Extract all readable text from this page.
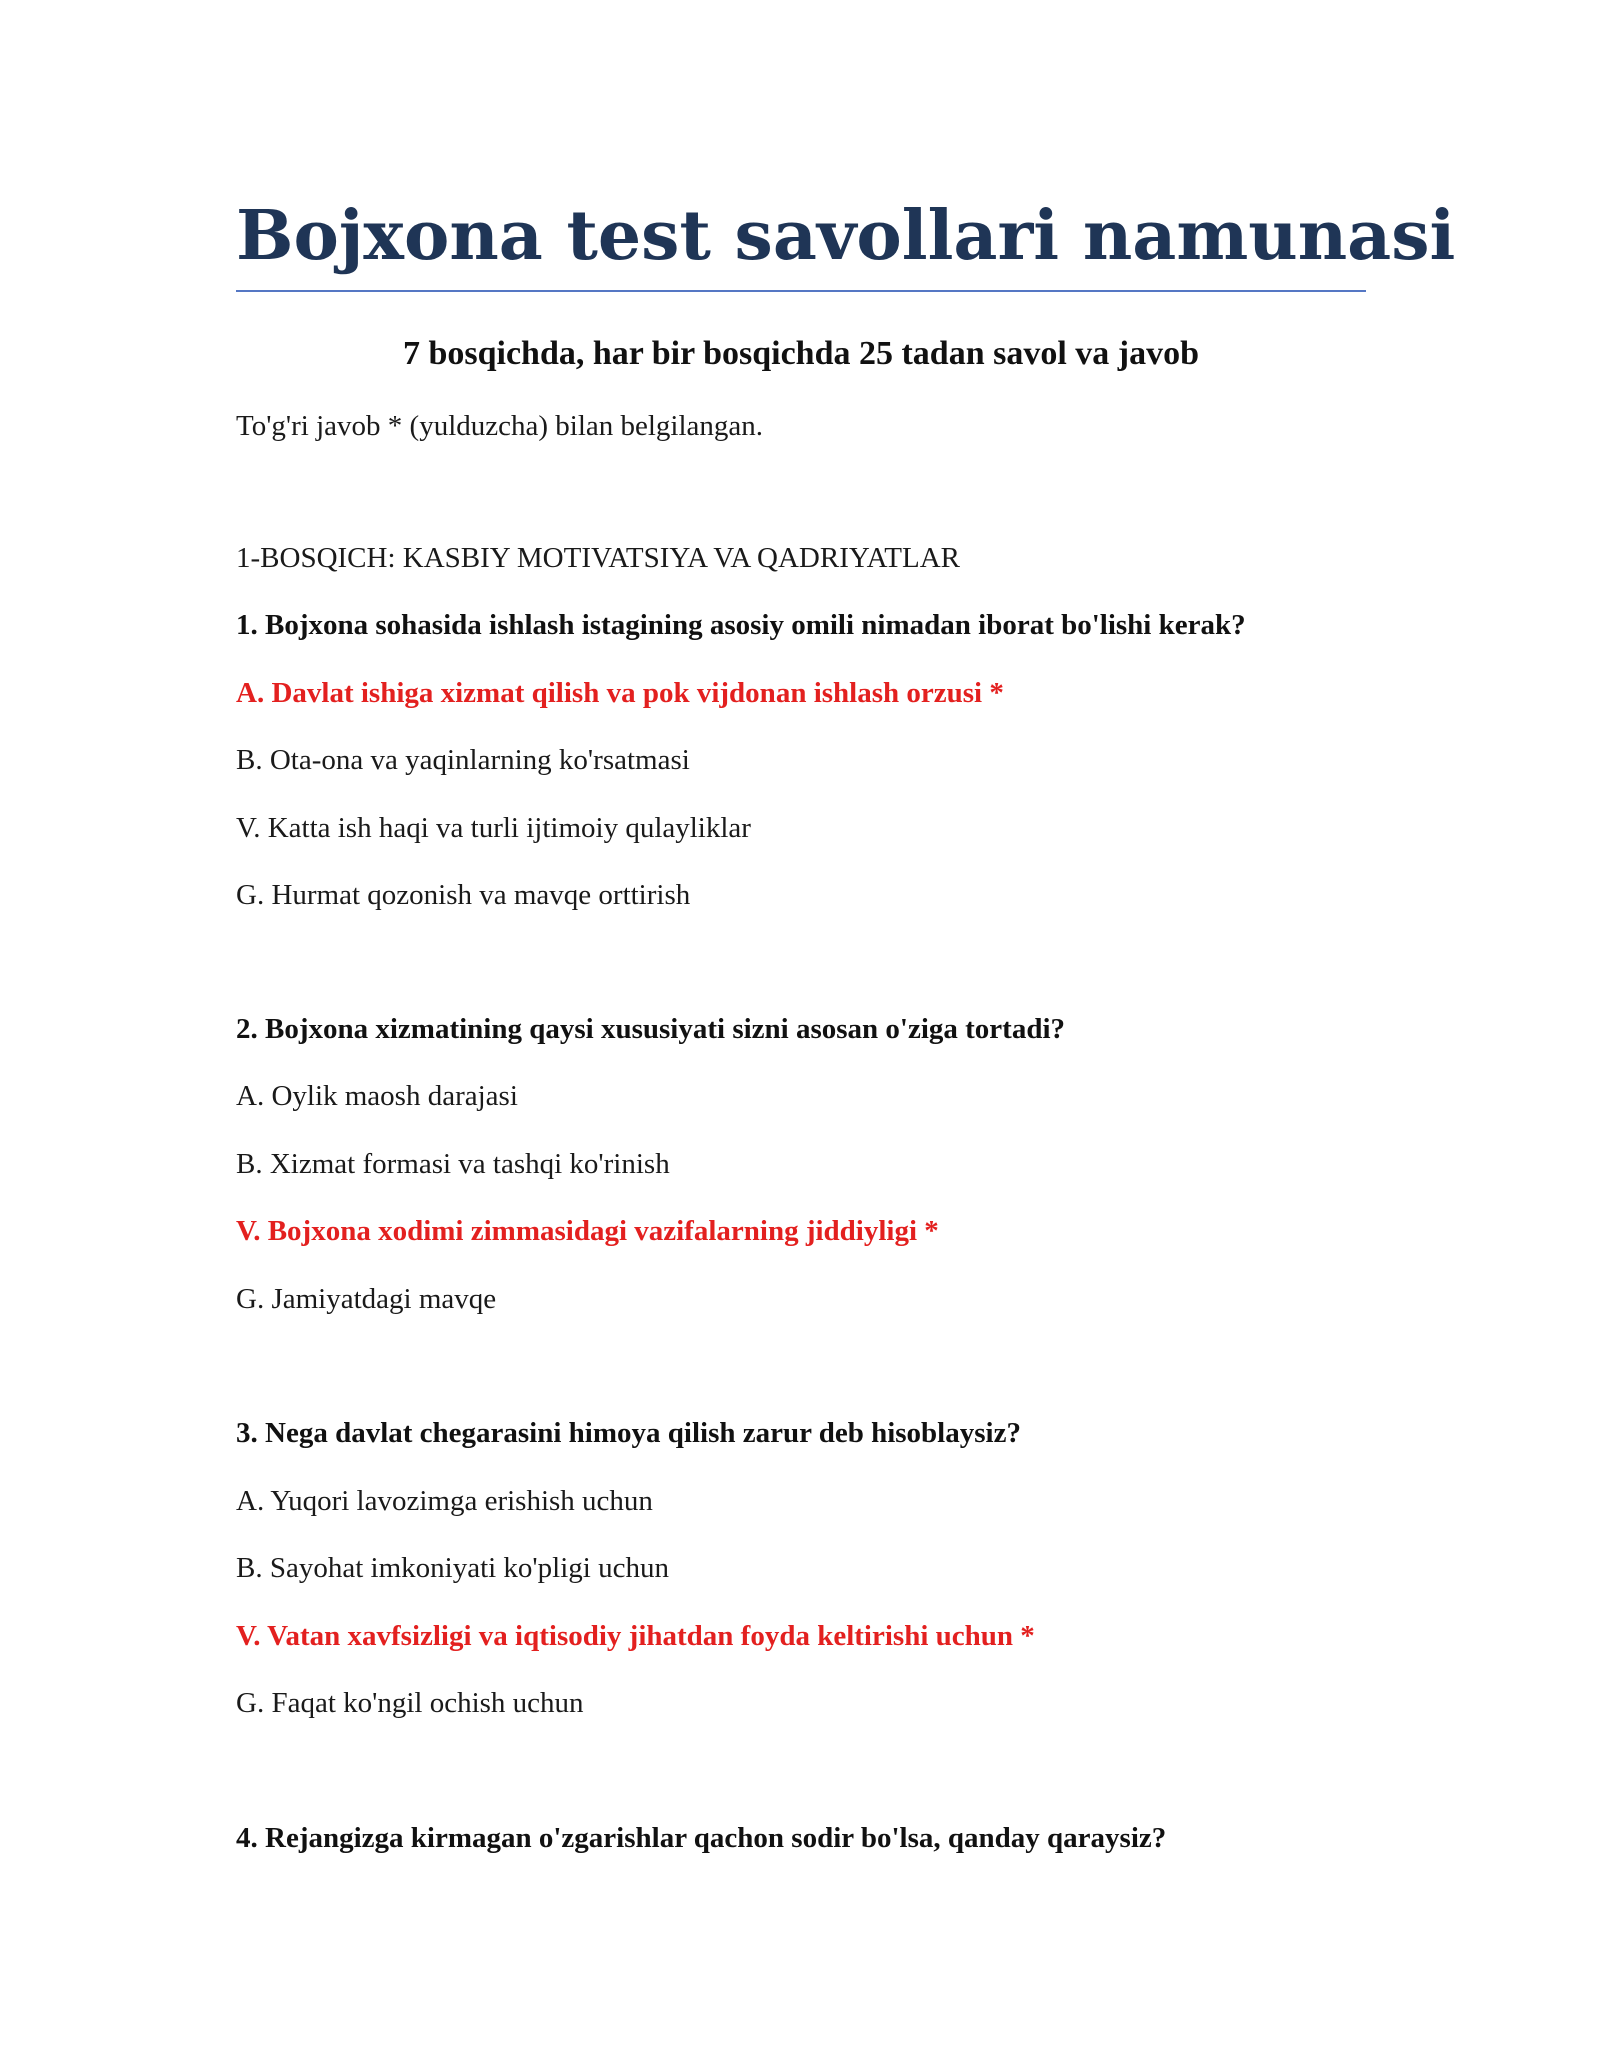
Bojxona test savollari namunasi
7 bosqichda, har bir bosqichda 25 tadan savol va javob
To'g'ri javob * (yulduzcha) bilan belgilangan.
1-BOSQICH: KASBIY MOTIVATSIYA VA QADRIYATLAR
1. Bojxona sohasida ishlash istagining asosiy omili nimadan iborat bo'lishi kerak?
A. Davlat ishiga xizmat qilish va pok vijdonan ishlash orzusi *
B. Ota-ona va yaqinlarning ko'rsatmasi
V. Katta ish haqi va turli ijtimoiy qulayliklar
G. Hurmat qozonish va mavqe orttirish
2. Bojxona xizmatining qaysi xususiyati sizni asosan o'ziga tortadi?
A. Oylik maosh darajasi
B. Xizmat formasi va tashqi ko'rinish
V. Bojxona xodimi zimmasidagi vazifalarning jiddiyligi *
G. Jamiyatdagi mavqe
3. Nega davlat chegarasini himoya qilish zarur deb hisoblaysiz?
A. Yuqori lavozimga erishish uchun
B. Sayohat imkoniyati ko'pligi uchun
V. Vatan xavfsizligi va iqtisodiy jihatdan foyda keltirishi uchun *
G. Faqat ko'ngil ochish uchun
4. Rejangizga kirmagan o'zgarishlar qachon sodir bo'lsa, qanday qaraysiz?
